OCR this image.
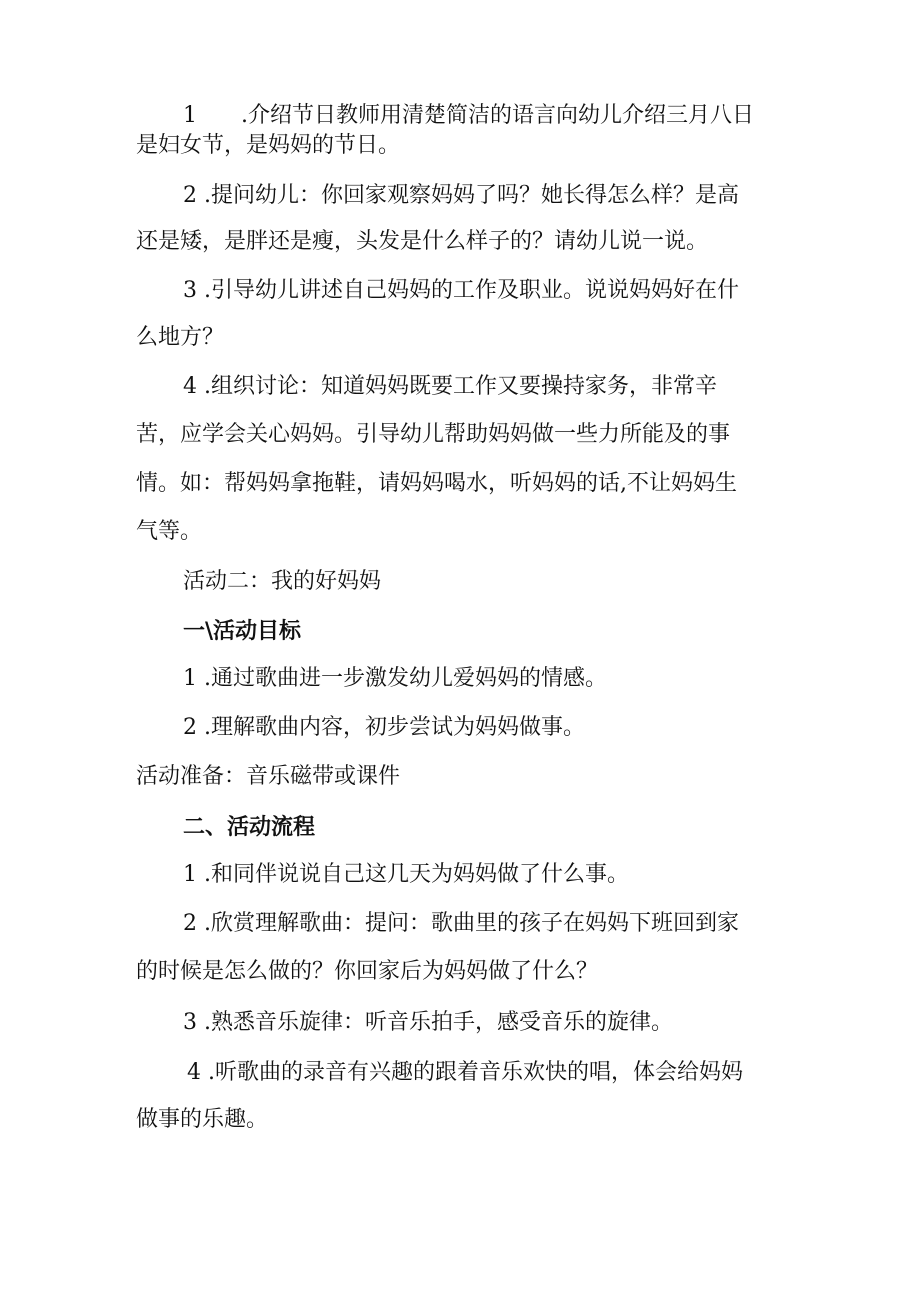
1　　.介绍节日教师用清楚简洁的语言向幼儿介绍三月八日
是妇女节，是妈妈的节日。
2 .提问幼儿：你回家观察妈妈了吗？她长得怎么样？是高
还是矮，是胖还是瘦，头发是什么样子的？请幼儿说一说。
3 .引导幼儿讲述自己妈妈的工作及职业。说说妈妈好在什
么地方？
4 .组织讨论：知道妈妈既要工作又要操持家务，非常辛
苦，应学会关心妈妈。引导幼儿帮助妈妈做一些力所能及的事
情。如：帮妈妈拿拖鞋，请妈妈喝水，听妈妈的话,不让妈妈生
气等。
活动二：我的好妈妈
一\活动目标
1 .通过歌曲进一步激发幼儿爱妈妈的情感。
2 .理解歌曲内容，初步尝试为妈妈做事。
活动准备：音乐磁带或课件
二、活动流程
1 .和同伴说说自己这几天为妈妈做了什么事。
2 .欣赏理解歌曲：提问：歌曲里的孩子在妈妈下班回到家
的时候是怎么做的？你回家后为妈妈做了什么？
3 .熟悉音乐旋律：听音乐拍手，感受音乐的旋律。
4 .听歌曲的录音有兴趣的跟着音乐欢快的唱，体会给妈妈
做事的乐趣。
